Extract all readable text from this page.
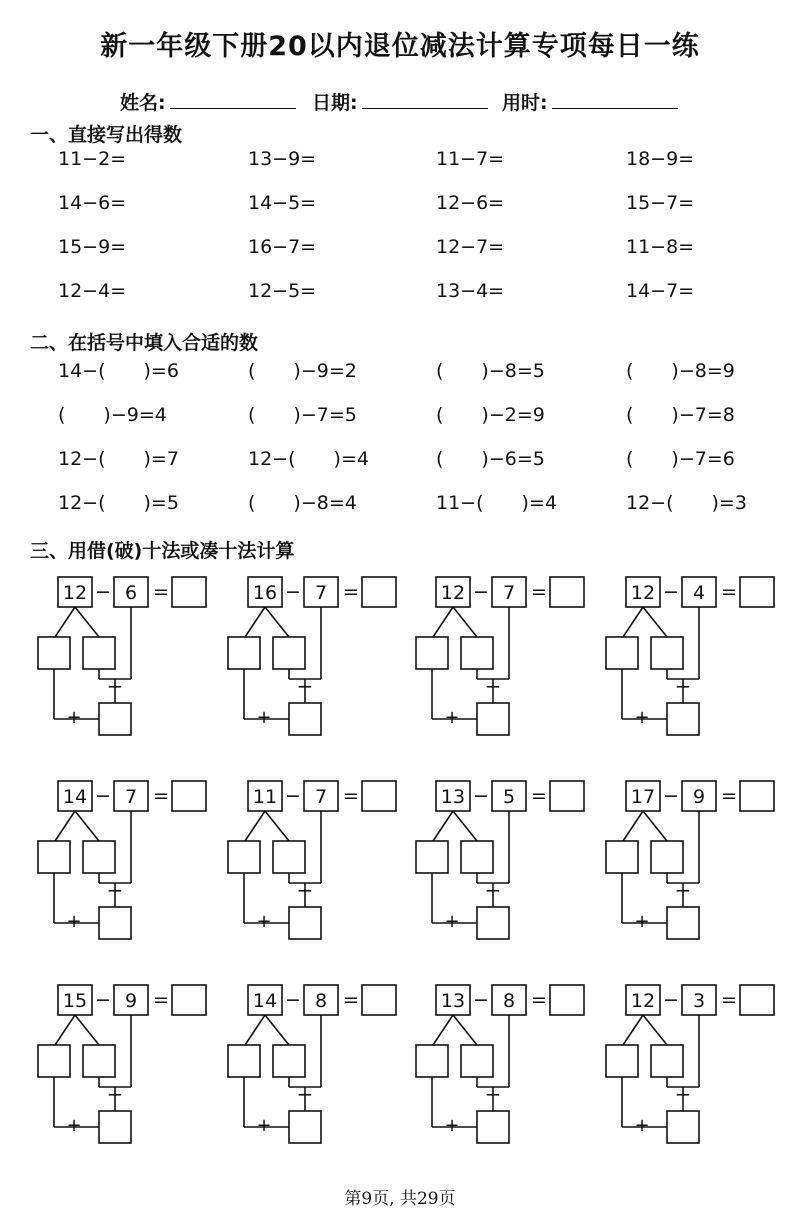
新一年级下册20以内退位减法计算专项每日一练
姓名:	日期:	用时:
一、直接写出得数
11−2=	13−9=	11−7=	18−9=
14−6=	14−5=	12−6=	15−7=
15−9=	16−7=	12−7=	11−8=
12−4=	12−5=	13−4=	14−7=
二、在括号中填入合适的数
14−(　　)=6	(　　)−9=2	(　　)−8=5	(　　)−8=9
(　　)−9=4	(　　)−7=5	(　　)−2=9	(　　)−7=8
12−(　　)=7	12−(　　)=4	(　　)−6=5	(　　)−7=6
12−(　　)=5	(　　)−8=4	11−(　　)=4	12−(　　)=3
三、用借(破)十法或凑十法计算
12 − 6 =
−
+
16 − 7 =
−
+
12 − 7 =
−
+
12 − 4 =
−
+
14 − 7 =
−
+
11 − 7 =
−
+
13 − 5 =
−
+
17 − 9 =
−
+
15 − 9 =
−
+
14 − 8 =
−
+
13 − 8 =
−
+
12 − 3 =
−
+
第9页, 共29页
